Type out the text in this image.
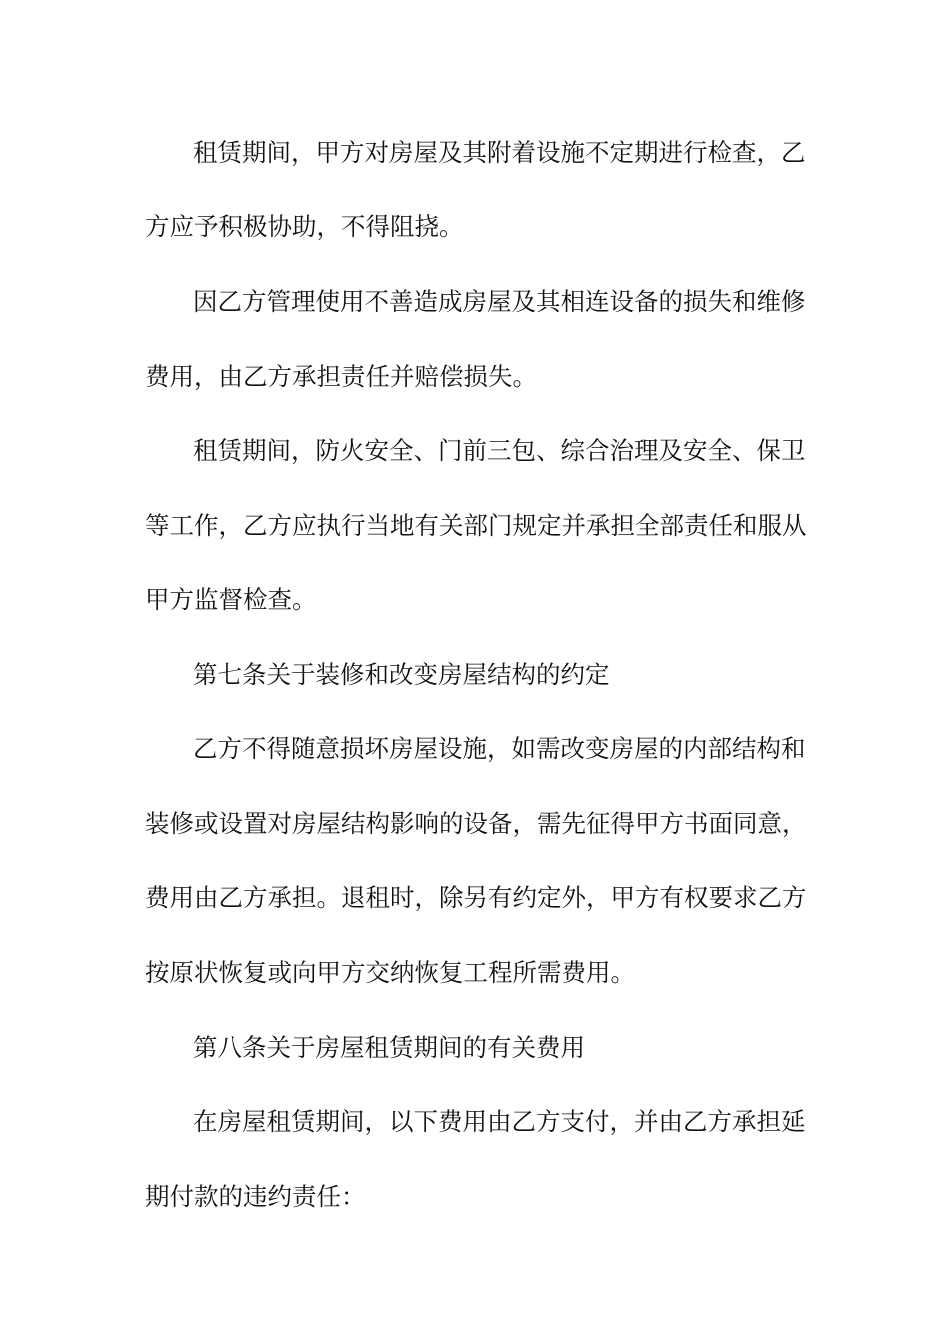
租赁期间，甲方对房屋及其附着设施不定期进行检查，乙
方应予积极协助，不得阻挠。
因乙方管理使用不善造成房屋及其相连设备的损失和维修
费用，由乙方承担责任并赔偿损失。
租赁期间，防火安全、门前三包、综合治理及安全、保卫
等工作，乙方应执行当地有关部门规定并承担全部责任和服从
甲方监督检查。
第七条关于装修和改变房屋结构的约定
乙方不得随意损坏房屋设施，如需改变房屋的内部结构和
装修或设置对房屋结构影响的设备，需先征得甲方书面同意，
费用由乙方承担。退租时，除另有约定外，甲方有权要求乙方
按原状恢复或向甲方交纳恢复工程所需费用。
第八条关于房屋租赁期间的有关费用
在房屋租赁期间，以下费用由乙方支付，并由乙方承担延
期付款的违约责任：
